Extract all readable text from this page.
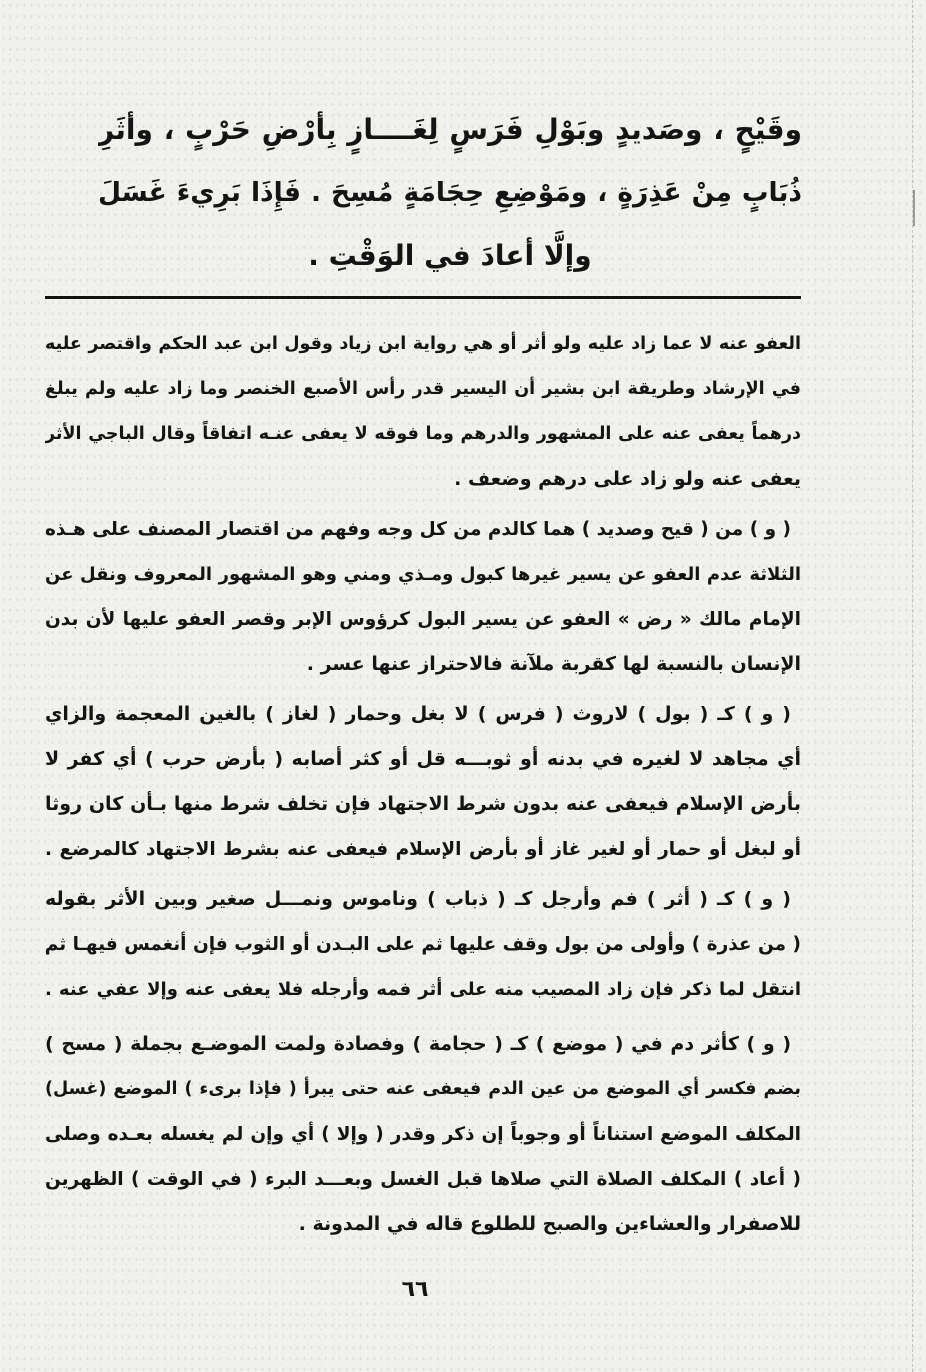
وقَيْحٍ ، وصَديدٍ وبَوْلِ فَرَسٍ لِغَــــازٍ بِأرْضِ حَرْبٍ ، وأثَرِ
ذُبَابٍ مِنْ عَذِرَةٍ ، ومَوْضِعِ حِجَامَةٍ مُسِحَ . فَإِذَا بَرِيءَ غَسَلَ
وإلَّا أعادَ في الوَقْتِ .
العفو عنه لا عما زاد عليه ولو أثر أو هي رواية ابن زياد وقول ابن عبد الحكم واقتصر عليه
في الإرشاد وطريقة ابن بشير أن اليسير قدر رأس الأصبع الخنصر وما زاد عليه ولم يبلغ
درهماً يعفى عنه على المشهور والدرهم وما فوقه لا يعفى عنـه اتفاقاً وقال الباجي الأثر
يعفى عنه ولو زاد على درهم وضعف .
( و ) من ( قيح وصديد ) هما كالدم من كل وجه وفهم من اقتصار المصنف على هـذه
الثلاثة عدم العفو عن يسير غيرها كبول ومـذي ومني وهو المشهور المعروف ونقل عن
الإمام مالك « رض » العفو عن يسير البول كرؤوس الإبر وقصر العفو عليها لأن بدن
الإنسان بالنسبة لها كقربة ملآنة فالاحتراز عنها عسر .
( و ) كـ ( بول ) لاروث ( فرس ) لا بغل وحمار ( لغاز ) بالغين المعجمة والزاي
أي مجاهد لا لغيره في بدنه أو ثوبـــه قل أو كثر أصابه ( بأرض حرب ) أي كفر لا
بأرض الإسلام فيعفى عنه بدون شرط الاجتهاد فإن تخلف شرط منها بـأن كان روثا
أو لبغل أو حمار أو لغير غاز أو بأرض الإسلام فيعفى عنه بشرط الاجتهاد كالمرضع .
( و ) كـ ( أثر ) فم وأرجل كـ ( ذباب ) وناموس ونمـــل صغير وبين الأثر بقوله
( من عذرة ) وأولى من بول وقف عليها ثم على البـدن أو الثوب فإن أنغمس فيهـا ثم
انتقل لما ذكر فإن زاد المصيب منه على أثر فمه وأرجله فلا يعفى عنه وإلا عفي عنه .
( و ) كأثر دم في ( موضع ) كـ ( حجامة ) وفصادة ولمت الموضـع بجملة ( مسح )
بضم فكسر أي الموضع من عين الدم فيعفى عنه حتى يبرأ ( فإذا برىء ) الموضع (غسل)
المكلف الموضع استناناً أو وجوباً إن ذكر وقدر ( وإلا ) أي وإن لم يغسله بعـده وصلى
( أعاد ) المكلف الصلاة التي صلاها قبل الغسل وبعـــد البرء ( في الوقت ) الظهرين
للاصفرار والعشاءين والصبح للطلوع قاله في المدونة .
٦٦
